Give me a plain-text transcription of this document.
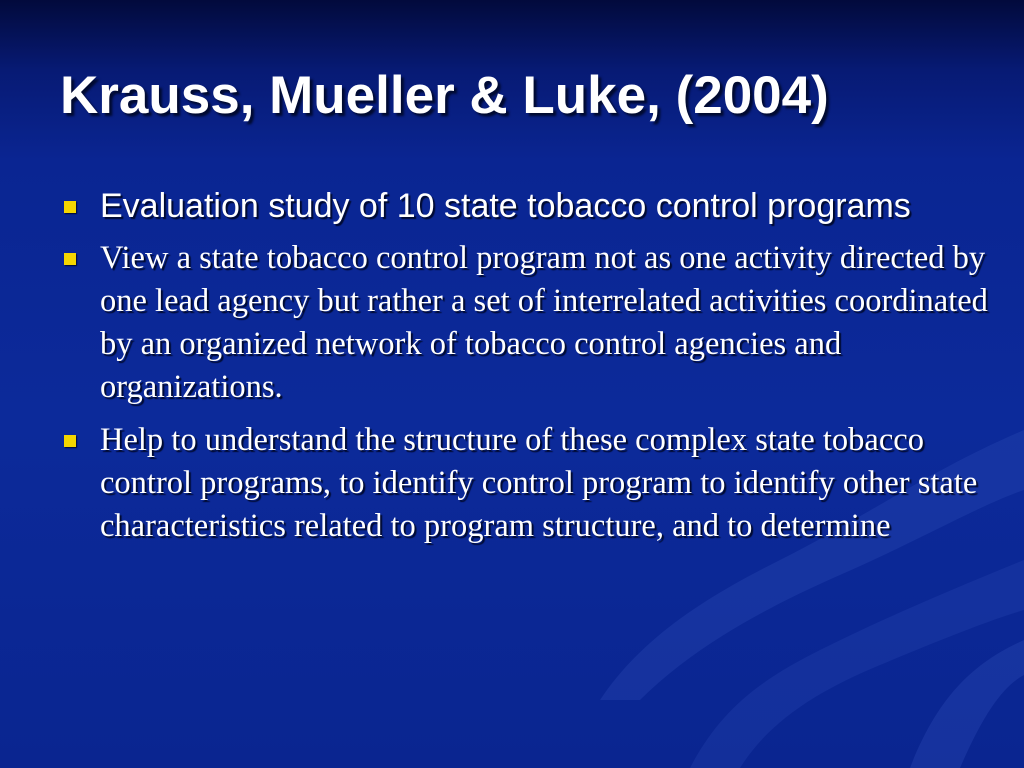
Krauss, Mueller & Luke, (2004)
Evaluation study of 10 state tobacco control programs
View a state tobacco control program not as one activity directed by one lead agency but rather a set of interrelated activities coordinated by an organized network of tobacco control agencies and organizations.
Help to understand the structure of these complex state tobacco control programs, to identify control program to identify other state characteristics related to program structure, and to determine
